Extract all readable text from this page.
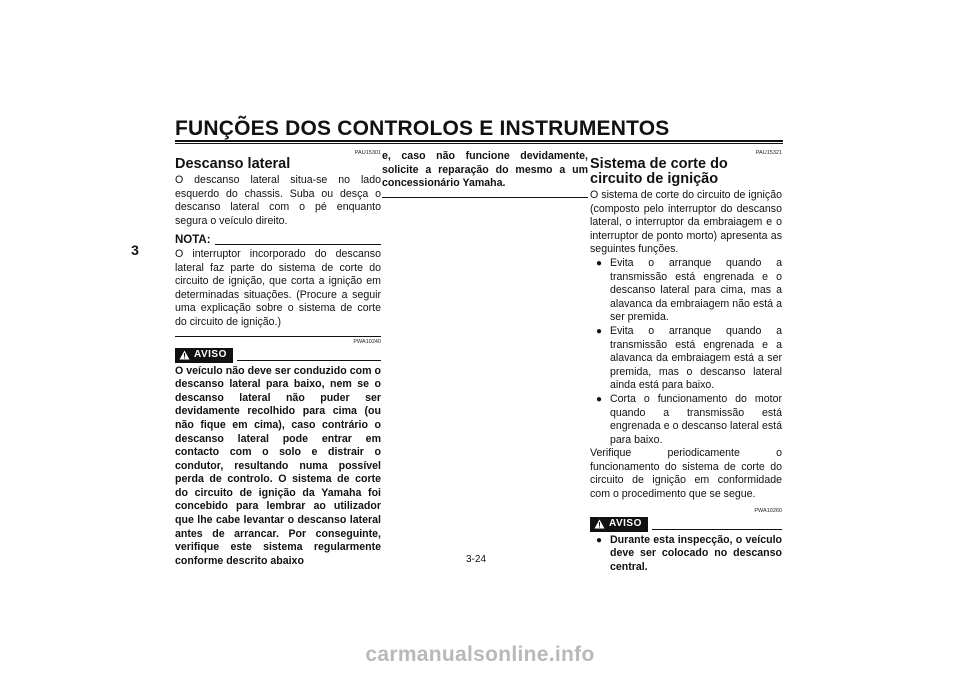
FUNÇÕES DOS CONTROLOS E INSTRUMENTOS
3
PAU15301
Descanso lateral

O descanso lateral situa-se no lado esquerdo do chassis. Suba ou desça o descanso lateral com o pé enquanto segura o veículo direito.

NOTA:

O interruptor incorporado do descanso lateral faz parte do sistema de corte do circuito de ignição, que corta a ignição em determinadas situações. (Procure a seguir uma explicação sobre o sistema de corte do circuito de ignição.)

PWA10240
AVISO

O veículo não deve ser conduzido com o descanso lateral para baixo, nem se o descanso lateral não puder ser devidamente recolhido para cima (ou não fique em cima), caso contrário o descanso lateral pode entrar em contacto com o solo e distrair o condutor, resultando numa possível perda de controlo. O sistema de corte do circuito de ignição da Yamaha foi concebido para lembrar ao utilizador que lhe cabe levantar o descanso lateral antes de arrancar. Por conseguinte, verifique este sistema regularmente conforme descrito abaixo

e, caso não funcione devidamente, solicite a reparação do mesmo a um concessionário Yamaha.

PAU15321
Sistema de corte do circuito de ignição

O sistema de corte do circuito de ignição (composto pelo interruptor do descanso lateral, o interruptor da embraiagem e o interruptor de ponto morto) apresenta as seguintes funções.

● Evita o arranque quando a transmissão está engrenada e o descanso lateral para cima, mas a alavanca da embraiagem não está a ser premida.
● Evita o arranque quando a transmissão está engrenada e a alavanca da embraiagem está a ser premida, mas o descanso lateral ainda está para baixo.
● Corta o funcionamento do motor quando a transmissão está engrenada e o descanso lateral está para baixo.

Verifique periodicamente o funcionamento do sistema de corte do circuito de ignição em conformidade com o procedimento que se segue.

PWA10260
AVISO
● Durante esta inspecção, o veículo deve ser colocado no descanso central.
3-24
carmanualsonline.info
